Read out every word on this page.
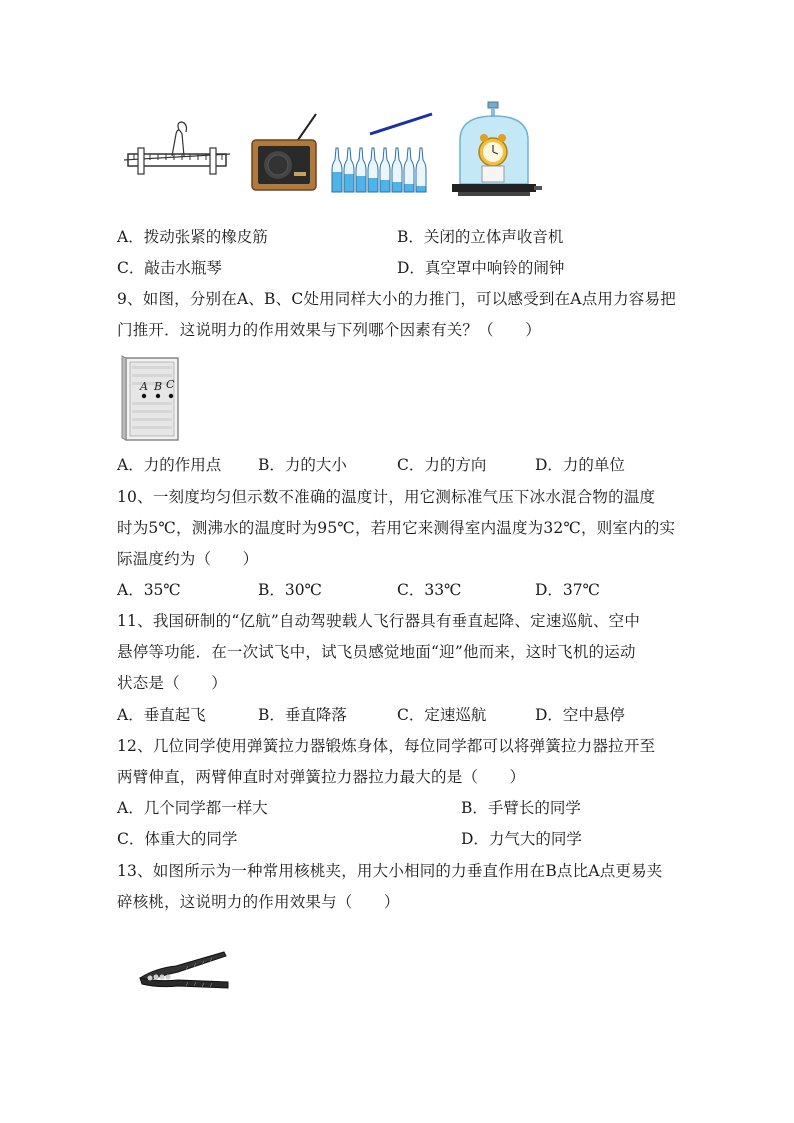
A．拨动张紧的橡皮筋	B．关闭的立体声收音机
C．敲击水瓶琴	D．真空罩中响铃的闹钟
9、如图，分别在A、B、C处用同样大小的力推门，可以感受到在A点用力容易把
门推开．这说明力的作用效果与下列哪个因素有关？（　　）
A B C
A．力的作用点 B．力的大小	C．力的方向	D．力的单位
10、一刻度均匀但示数不准确的温度计，用它测标准气压下冰水混合物的温度
时为5℃，测沸水的温度时为95℃，若用它来测得室内温度为32℃，则室内的实
际温度约为（　　）
A．35℃	B．30℃	C．33℃	D．37℃
11、我国研制的“亿航”自动驾驶载人飞行器具有垂直起降、定速巡航、空中
悬停等功能．在一次试飞中，试飞员感觉地面“迎”他而来，这时飞机的运动
状态是（　　）
A．垂直起飞	B．垂直降落	C．定速巡航	D．空中悬停
12、几位同学使用弹簧拉力器锻炼身体，每位同学都可以将弹簧拉力器拉开至
两臂伸直，两臂伸直时对弹簧拉力器拉力最大的是（　　）
A．几个同学都一样大	B．手臂长的同学
C．体重大的同学	D．力气大的同学
13、如图所示为一种常用核桃夹，用大小相同的力垂直作用在B点比A点更易夹
碎核桃，这说明力的作用效果与（　　）
